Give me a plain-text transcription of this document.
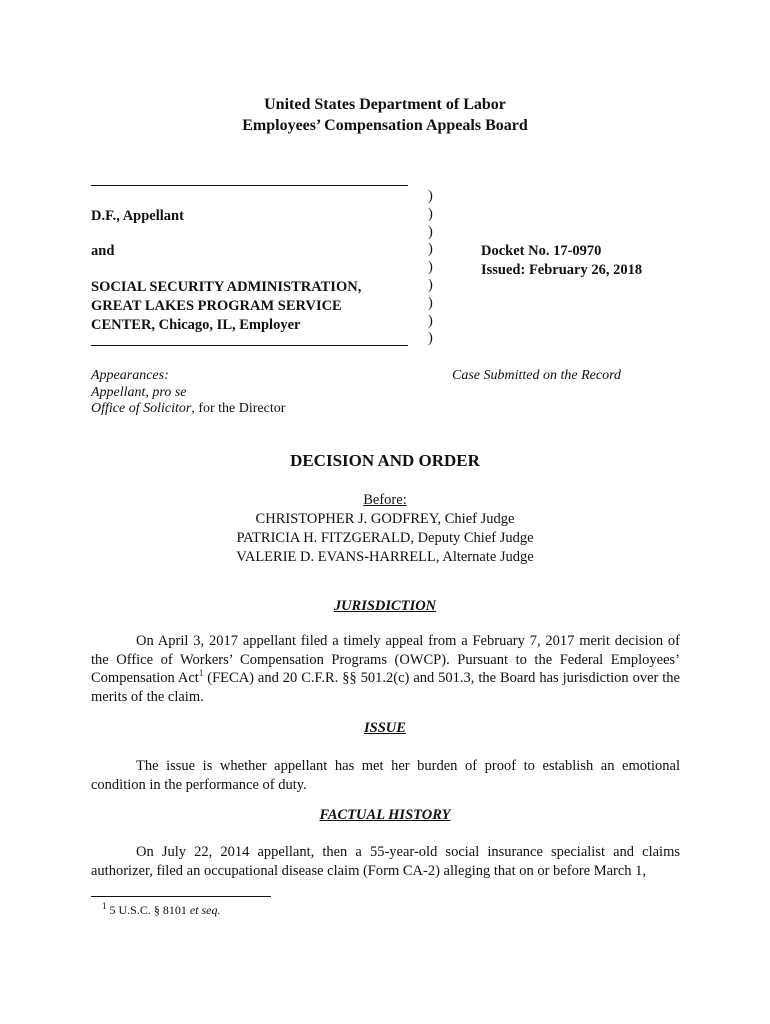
United States Department of Labor
Employees’ Compensation Appeals Board
D.F., Appellant
and
SOCIAL SECURITY ADMINISTRATION,
GREAT LAKES PROGRAM SERVICE
CENTER, Chicago, IL, Employer
)
)
)
)
)
)
)
)
)
Docket No. 17-0970
Issued: February 26, 2018
Appearances:
Appellant, pro se
Office of Solicitor, for the Director
Case Submitted on the Record
DECISION AND ORDER
Before:
CHRISTOPHER J. GODFREY, Chief Judge
PATRICIA H. FITZGERALD, Deputy Chief Judge
VALERIE D. EVANS-HARRELL, Alternate Judge
JURISDICTION
On April 3, 2017 appellant filed a timely appeal from a February 7, 2017 merit decision of the Office of Workers’ Compensation Programs (OWCP). Pursuant to the Federal Employees’ Compensation Act$^1$ (FECA) and 20 C.F.R. §§ 501.2(c) and 501.3, the Board has jurisdiction over the merits of the claim.
ISSUE
The issue is whether appellant has met her burden of proof to establish an emotional condition in the performance of duty.
FACTUAL HISTORY
On July 22, 2014 appellant, then a 55-year-old social insurance specialist and claims authorizer, filed an occupational disease claim (Form CA-2) alleging that on or before March 1,
$^1$ 5 U.S.C. § 8101 et seq.
